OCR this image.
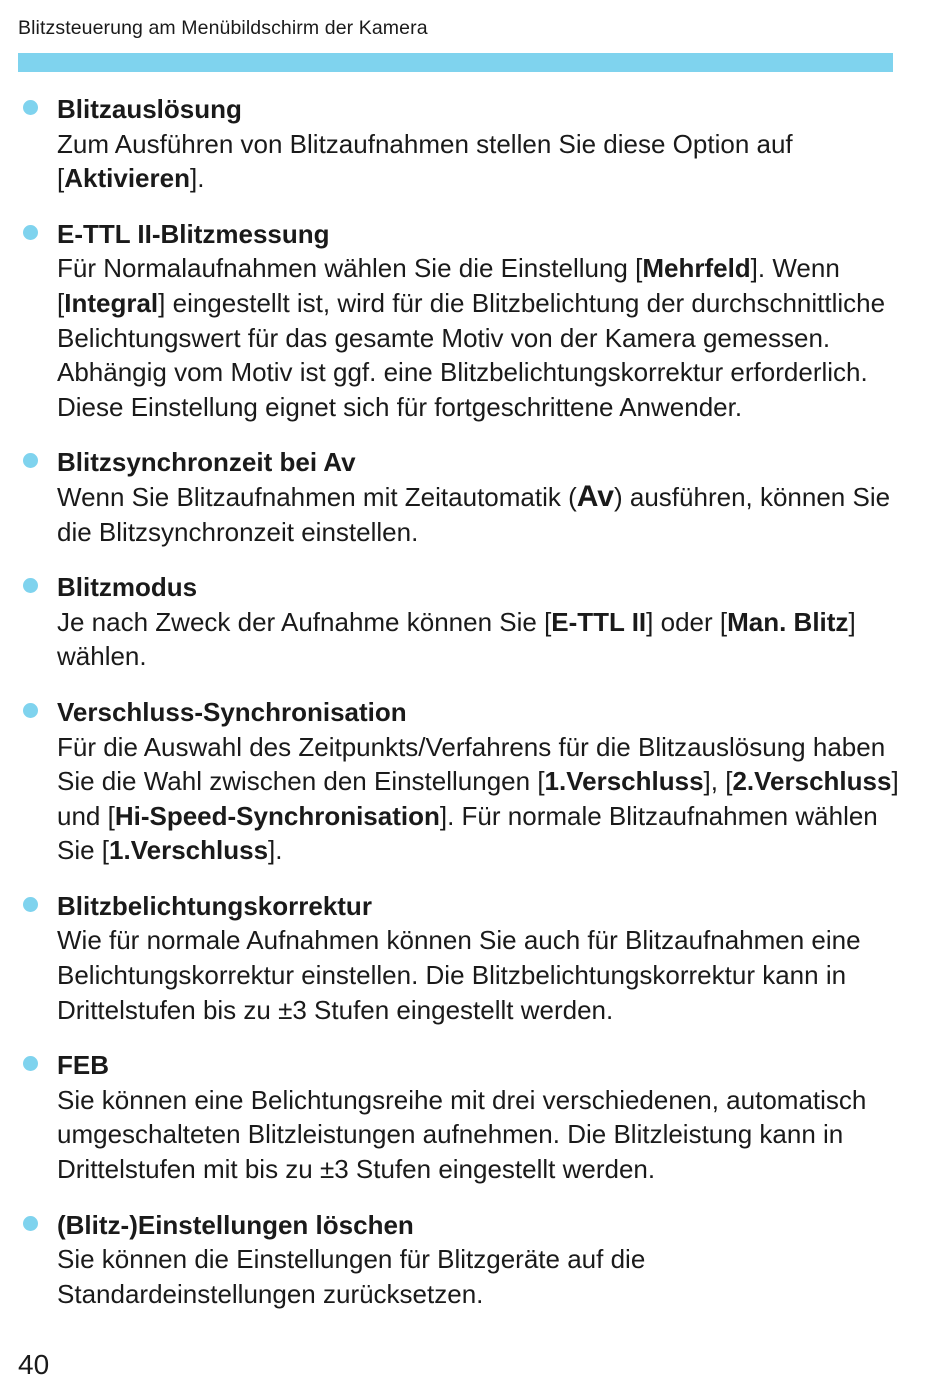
Blitzsteuerung am Menübildschirm der Kamera
Blitzauslösung
Zum Ausführen von Blitzaufnahmen stellen Sie diese Option auf [Aktivieren].
E-TTL II-Blitzmessung
Für Normalaufnahmen wählen Sie die Einstellung [Mehrfeld]. Wenn [Integral] eingestellt ist, wird für die Blitzbelichtung der durchschnittliche Belichtungswert für das gesamte Motiv von der Kamera gemessen. Abhängig vom Motiv ist ggf. eine Blitzbelichtungskorrektur erforderlich. Diese Einstellung eignet sich für fortgeschrittene Anwender.
Blitzsynchronzeit bei Av
Wenn Sie Blitzaufnahmen mit Zeitautomatik (Av) ausführen, können Sie die Blitzsynchronzeit einstellen.
Blitzmodus
Je nach Zweck der Aufnahme können Sie [E-TTL II] oder [Man. Blitz] wählen.
Verschluss-Synchronisation
Für die Auswahl des Zeitpunkts/Verfahrens für die Blitzauslösung haben Sie die Wahl zwischen den Einstellungen [1.Verschluss], [2.Verschluss] und [Hi-Speed-Synchronisation]. Für normale Blitzaufnahmen wählen Sie [1.Verschluss].
Blitzbelichtungskorrektur
Wie für normale Aufnahmen können Sie auch für Blitzaufnahmen eine Belichtungskorrektur einstellen. Die Blitzbelichtungskorrektur kann in Drittelstufen bis zu ±3 Stufen eingestellt werden.
FEB
Sie können eine Belichtungsreihe mit drei verschiedenen, automatisch umgeschalteten Blitzleistungen aufnehmen. Die Blitzleistung kann in Drittelstufen mit bis zu ±3 Stufen eingestellt werden.
(Blitz-)Einstellungen löschen
Sie können die Einstellungen für Blitzgeräte auf die Standardeinstellungen zurücksetzen.
40
